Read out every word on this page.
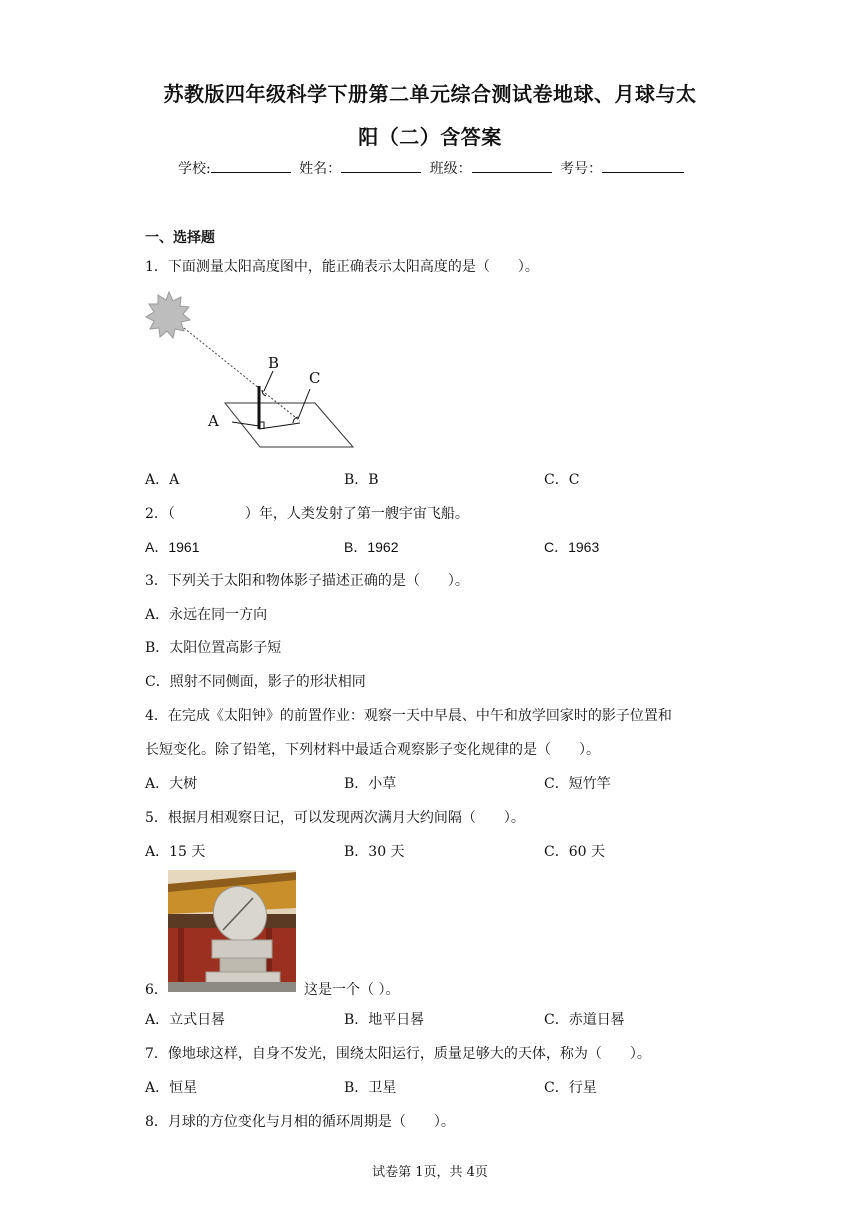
苏教版四年级科学下册第二单元综合测试卷地球、月球与太
阳（二）含答案
学校:	姓名：	班级：	考号：
一、选择题
1．下面测量太阳高度图中，能正确表示太阳高度的是（　　）。
B
C
A
A．A	B．B	C．C
2．（　　　　　）年，人类发射了第一艘宇宙飞船。
A．1961	B．1962	C．1963
3．下列关于太阳和物体影子描述正确的是（　　）。
A．永远在同一方向
B．太阳位置高影子短
C．照射不同侧面，影子的形状相同
4．在完成《太阳钟》的前置作业：观察一天中早晨、中午和放学回家时的影子位置和
长短变化。除了铅笔，下列材料中最适合观察影子变化规律的是（　　）。
A．大树	B．小草	C．短竹竿
5．根据月相观察日记，可以发现两次满月大约间隔（　　）。
A．15 天	B．30 天	C．60 天
6．	这是一个（ ）。
A．立式日晷	B．地平日晷	C．赤道日晷
7．像地球这样，自身不发光，围绕太阳运行，质量足够大的天体，称为（　　）。
A．恒星	B．卫星	C．行星
8．月球的方位变化与月相的循环周期是（　　）。
试卷第 1页，共 4页
